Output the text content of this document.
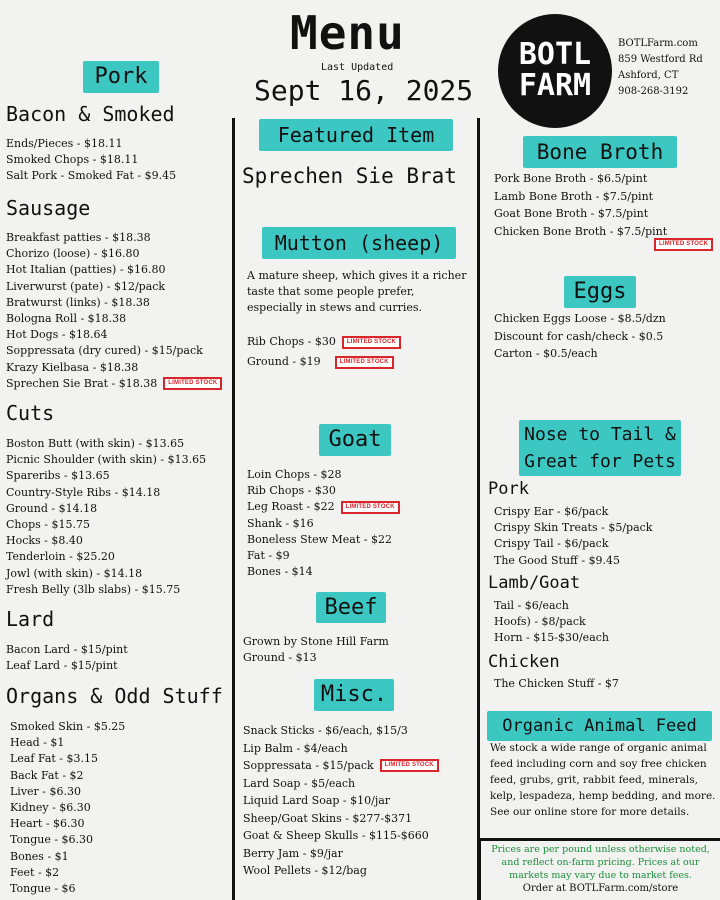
Menu
Last Updated
Sept 16, 2025
BOTL
FARM
BOTLFarm.com
859 Westford Rd
Ashford, CT
908-268-3192
Pork
Bacon & Smoked
Ends/Pieces - $18.11
Smoked Chops - $18.11
Salt Pork - Smoked Fat - $9.45
Sausage
Breakfast patties - $18.38
Chorizo (loose) - $16.80
Hot Italian (patties) - $16.80
Liverwurst (pate) - $12/pack
Bratwurst (links) - $18.38
Bologna Roll - $18.38
Hot Dogs - $18.64
Soppressata (dry cured) - $15/pack
Krazy Kielbasa - $18.38
Sprechen Sie Brat - $18.38	LIMITED STOCK
Cuts
Boston Butt (with skin) - $13.65
Picnic Shoulder (with skin) - $13.65
Spareribs - $13.65
Country-Style Ribs - $14.18
Ground - $14.18
Chops - $15.75
Hocks - $8.40
Tenderloin - $25.20
Jowl (with skin) - $14.18
Fresh Belly (3lb slabs) - $15.75
Lard
Bacon Lard - $15/pint
Leaf Lard - $15/pint
Organs & Odd Stuff
Smoked Skin - $5.25
Head - $1
Leaf Fat - $3.15
Back Fat - $2
Liver - $6.30
Kidney - $6.30
Heart - $6.30
Tongue - $6.30
Bones - $1
Feet - $2
Tongue - $6
Featured Item
Sprechen Sie Brat
Mutton (sheep)
A mature sheep, which gives it a richer taste that some people prefer, especially in stews and curries.
Rib Chops - $30	LIMITED STOCK
Ground - $19	LIMITED STOCK
Goat
Loin Chops - $28
Rib Chops - $30
Leg Roast - $22	LIMITED STOCK
Shank - $16
Boneless Stew Meat - $22
Fat - $9
Bones - $14
Beef
Grown by Stone Hill Farm
Ground - $13
Misc.
Snack Sticks - $6/each, $15/3
Lip Balm - $4/each
Soppressata - $15/pack	LIMITED STOCK
Lard Soap - $5/each
Liquid Lard Soap - $10/jar
Sheep/Goat Skins - $277-$371
Goat & Sheep Skulls - $115-$660
Berry Jam - $9/jar
Wool Pellets - $12/bag
Bone Broth
Pork Bone Broth - $6.5/pint
Lamb Bone Broth - $7.5/pint
Goat Bone Broth - $7.5/pint
Chicken Bone Broth - $7.5/pint
LIMITED STOCK
Eggs
Chicken Eggs Loose - $8.5/dzn
Discount for cash/check - $0.5
Carton - $0.5/each
Nose to Tail &
Great for Pets
Pork
Crispy Ear - $6/pack
Crispy Skin Treats - $5/pack
Crispy Tail - $6/pack
The Good Stuff - $9.45
Lamb/Goat
Tail - $6/each
Hoofs) - $8/pack
Horn - $15-$30/each
Chicken
The Chicken Stuff - $7
Organic Animal Feed
We stock a wide range of organic animal feed including corn and soy free chicken feed, grubs, grit, rabbit feed, minerals, kelp, lespadeza, hemp bedding, and more. See our online store for more details.
Prices are per pound unless otherwise noted, and reflect on-farm pricing. Prices at our markets may vary due to market fees.
Order at BOTLFarm.com/store
